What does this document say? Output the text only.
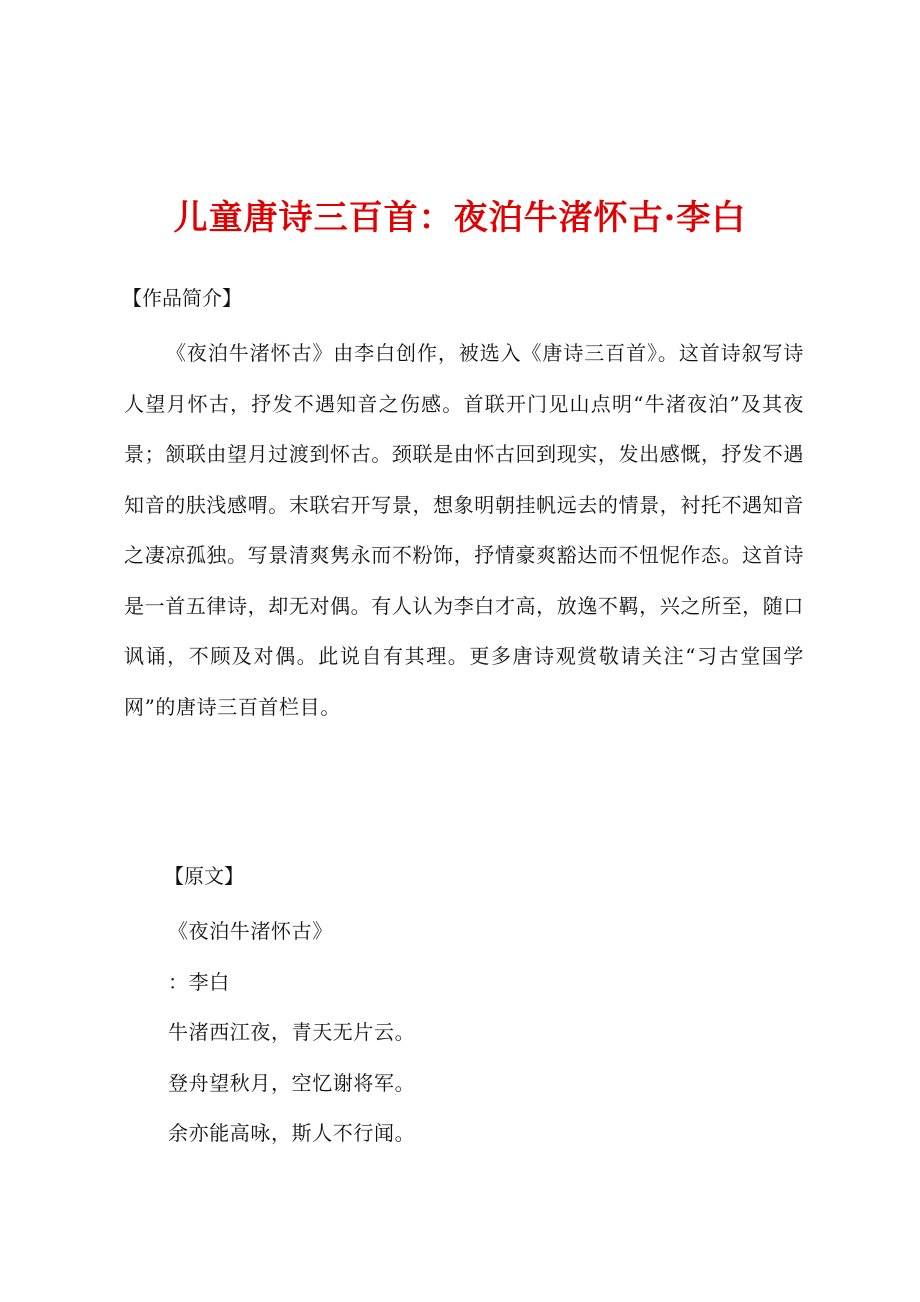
儿童唐诗三百首：夜泊牛渚怀古·李白
【作品简介】

《夜泊牛渚怀古》由李白创作，被选入《唐诗三百首》。这首诗叙写诗人望月怀古，抒发不遇知音之伤感。首联开门见山点明“牛渚夜泊”及其夜景；颔联由望月过渡到怀古。颈联是由怀古回到现实，发出感慨，抒发不遇知音的肤浅感喟。末联宕开写景，想象明朝挂帆远去的情景，衬托不遇知音之凄凉孤独。写景清爽隽永而不粉饰，抒情豪爽豁达而不忸怩作态。这首诗是一首五律诗，却无对偶。有人认为李白才高，放逸不羁，兴之所至，随口讽诵，不顾及对偶。此说自有其理。更多唐诗观赏敬请关注“习古堂国学网”的唐诗三百首栏目。

【原文】
《夜泊牛渚怀古》
：李白
牛渚西江夜，青天无片云。
登舟望秋月，空忆谢将军。
余亦能高咏，斯人不行闻。
